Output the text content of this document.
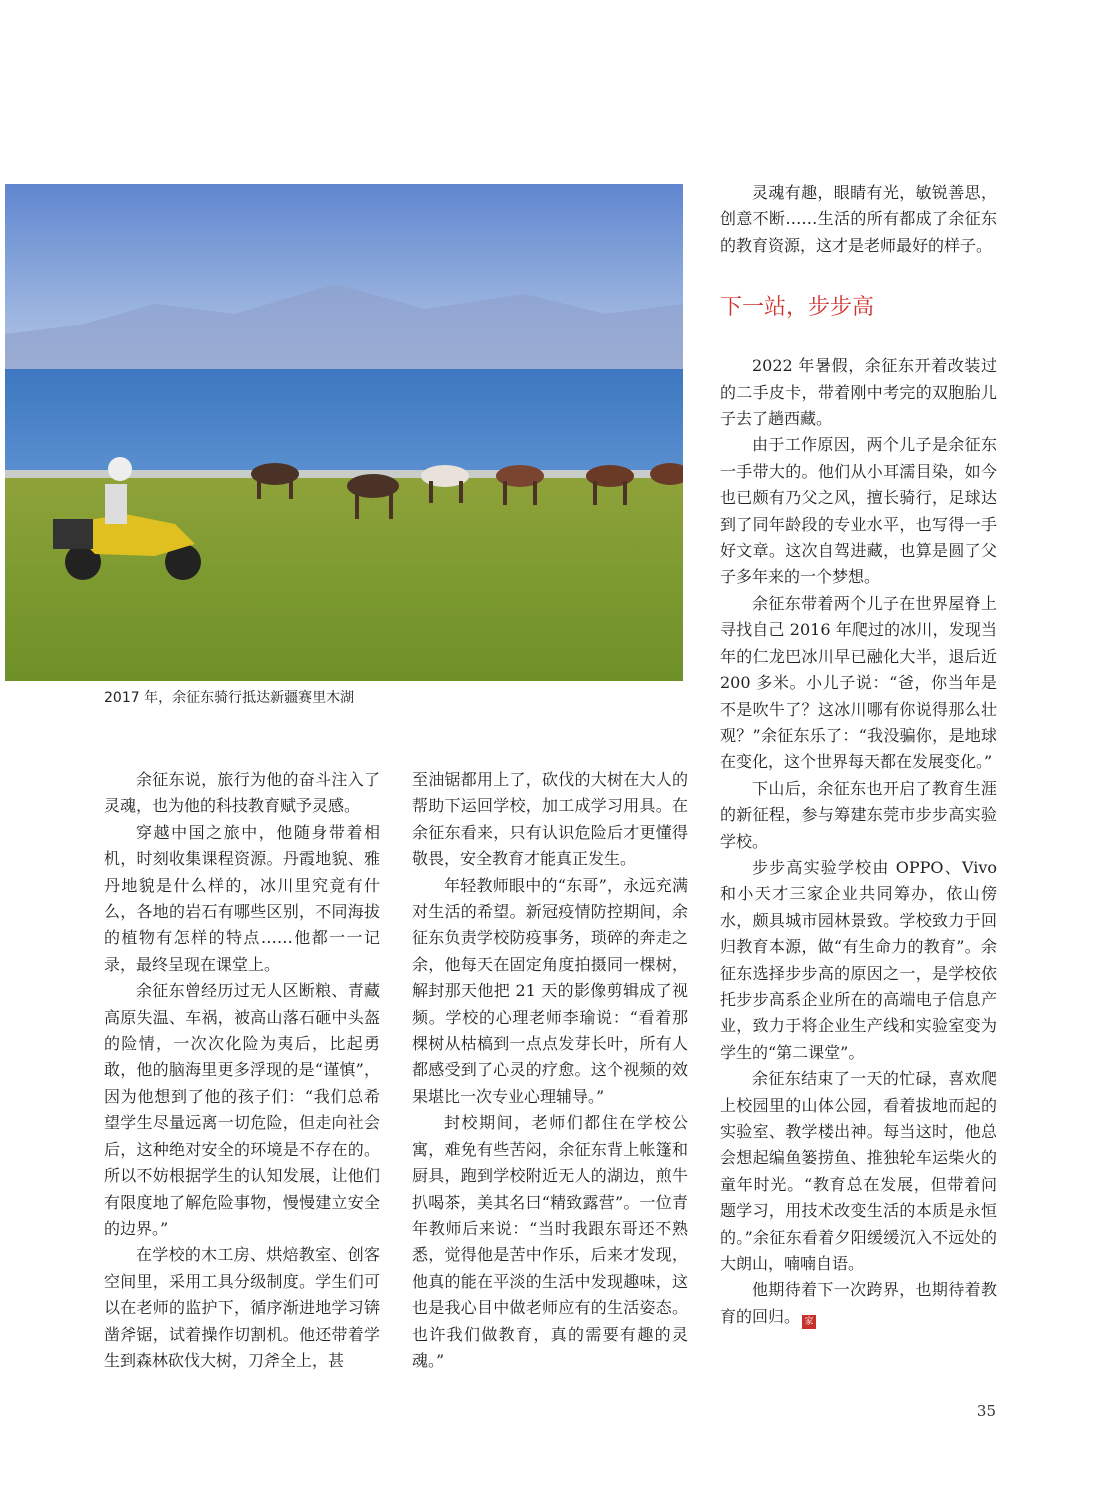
2017 年，余征东骑行抵达新疆赛里木湖

余征东说，旅行为他的奋斗注入了灵魂，也为他的科技教育赋予灵感。

穿越中国之旅中，他随身带着相机，时刻收集课程资源。丹霞地貌、雅丹地貌是什么样的，冰川里究竟有什么，各地的岩石有哪些区别，不同海拔的植物有怎样的特点……他都一一记录，最终呈现在课堂上。

余征东曾经历过无人区断粮、青藏高原失温、车祸，被高山落石砸中头盔的险情，一次次化险为夷后，比起勇敢，他的脑海里更多浮现的是“谨慎”，因为他想到了他的孩子们：“我们总希望学生尽量远离一切危险，但走向社会后，这种绝对安全的环境是不存在的。所以不妨根据学生的认知发展，让他们有限度地了解危险事物，慢慢建立安全的边界。”

在学校的木工房、烘焙教室、创客空间里，采用工具分级制度。学生们可以在老师的监护下，循序渐进地学习锛凿斧锯，试着操作切割机。他还带着学生到森林砍伐大树，刀斧全上，甚

至油锯都用上了，砍伐的大树在大人的帮助下运回学校，加工成学习用具。在余征东看来，只有认识危险后才更懂得敬畏，安全教育才能真正发生。

年轻教师眼中的“东哥”，永远充满对生活的希望。新冠疫情防控期间，余征东负责学校防疫事务，琐碎的奔走之余，他每天在固定角度拍摄同一棵树，解封那天他把 21 天的影像剪辑成了视频。学校的心理老师李瑜说：“看着那棵树从枯槁到一点点发芽长叶，所有人都感受到了心灵的疗愈。这个视频的效果堪比一次专业心理辅导。”

封校期间，老师们都住在学校公寓，难免有些苦闷，余征东背上帐篷和厨具，跑到学校附近无人的湖边，煎牛扒喝茶，美其名曰“精致露营”。一位青年教师后来说：“当时我跟东哥还不熟悉，觉得他是苦中作乐，后来才发现，他真的能在平淡的生活中发现趣味，这也是我心目中做老师应有的生活姿态。也许我们做教育，真的需要有趣的灵魂。”

灵魂有趣，眼睛有光，敏锐善思，创意不断……生活的所有都成了余征东的教育资源，这才是老师最好的样子。

下一站，步步高

2022 年暑假，余征东开着改装过的二手皮卡，带着刚中考完的双胞胎儿子去了趟西藏。

由于工作原因，两个儿子是余征东一手带大的。他们从小耳濡目染，如今也已颇有乃父之风，擅长骑行，足球达到了同年龄段的专业水平，也写得一手好文章。这次自驾进藏，也算是圆了父子多年来的一个梦想。

余征东带着两个儿子在世界屋脊上寻找自己 2016 年爬过的冰川，发现当年的仁龙巴冰川早已融化大半，退后近 200 多米。小儿子说：“爸，你当年是不是吹牛了？这冰川哪有你说得那么壮观？”余征东乐了：“我没骗你，是地球在变化，这个世界每天都在发展变化。”

下山后，余征东也开启了教育生涯的新征程，参与筹建东莞市步步高实验学校。

步步高实验学校由 OPPO、Vivo 和小天才三家企业共同筹办，依山傍水，颇具城市园林景致。学校致力于回归教育本源，做“有生命力的教育”。余征东选择步步高的原因之一，是学校依托步步高系企业所在的高端电子信息产业，致力于将企业生产线和实验室变为学生的“第二课堂”。

余征东结束了一天的忙碌，喜欢爬上校园里的山体公园，看着拔地而起的实验室、教学楼出神。每当这时，他总会想起编鱼篓捞鱼、推独轮车运柴火的童年时光。“教育总在发展，但带着问题学习，用技术改变生活的本质是永恒的。”余征东看着夕阳缓缓沉入不远处的大朗山，喃喃自语。

他期待着下一次跨界，也期待着教育的回归。 家

35
